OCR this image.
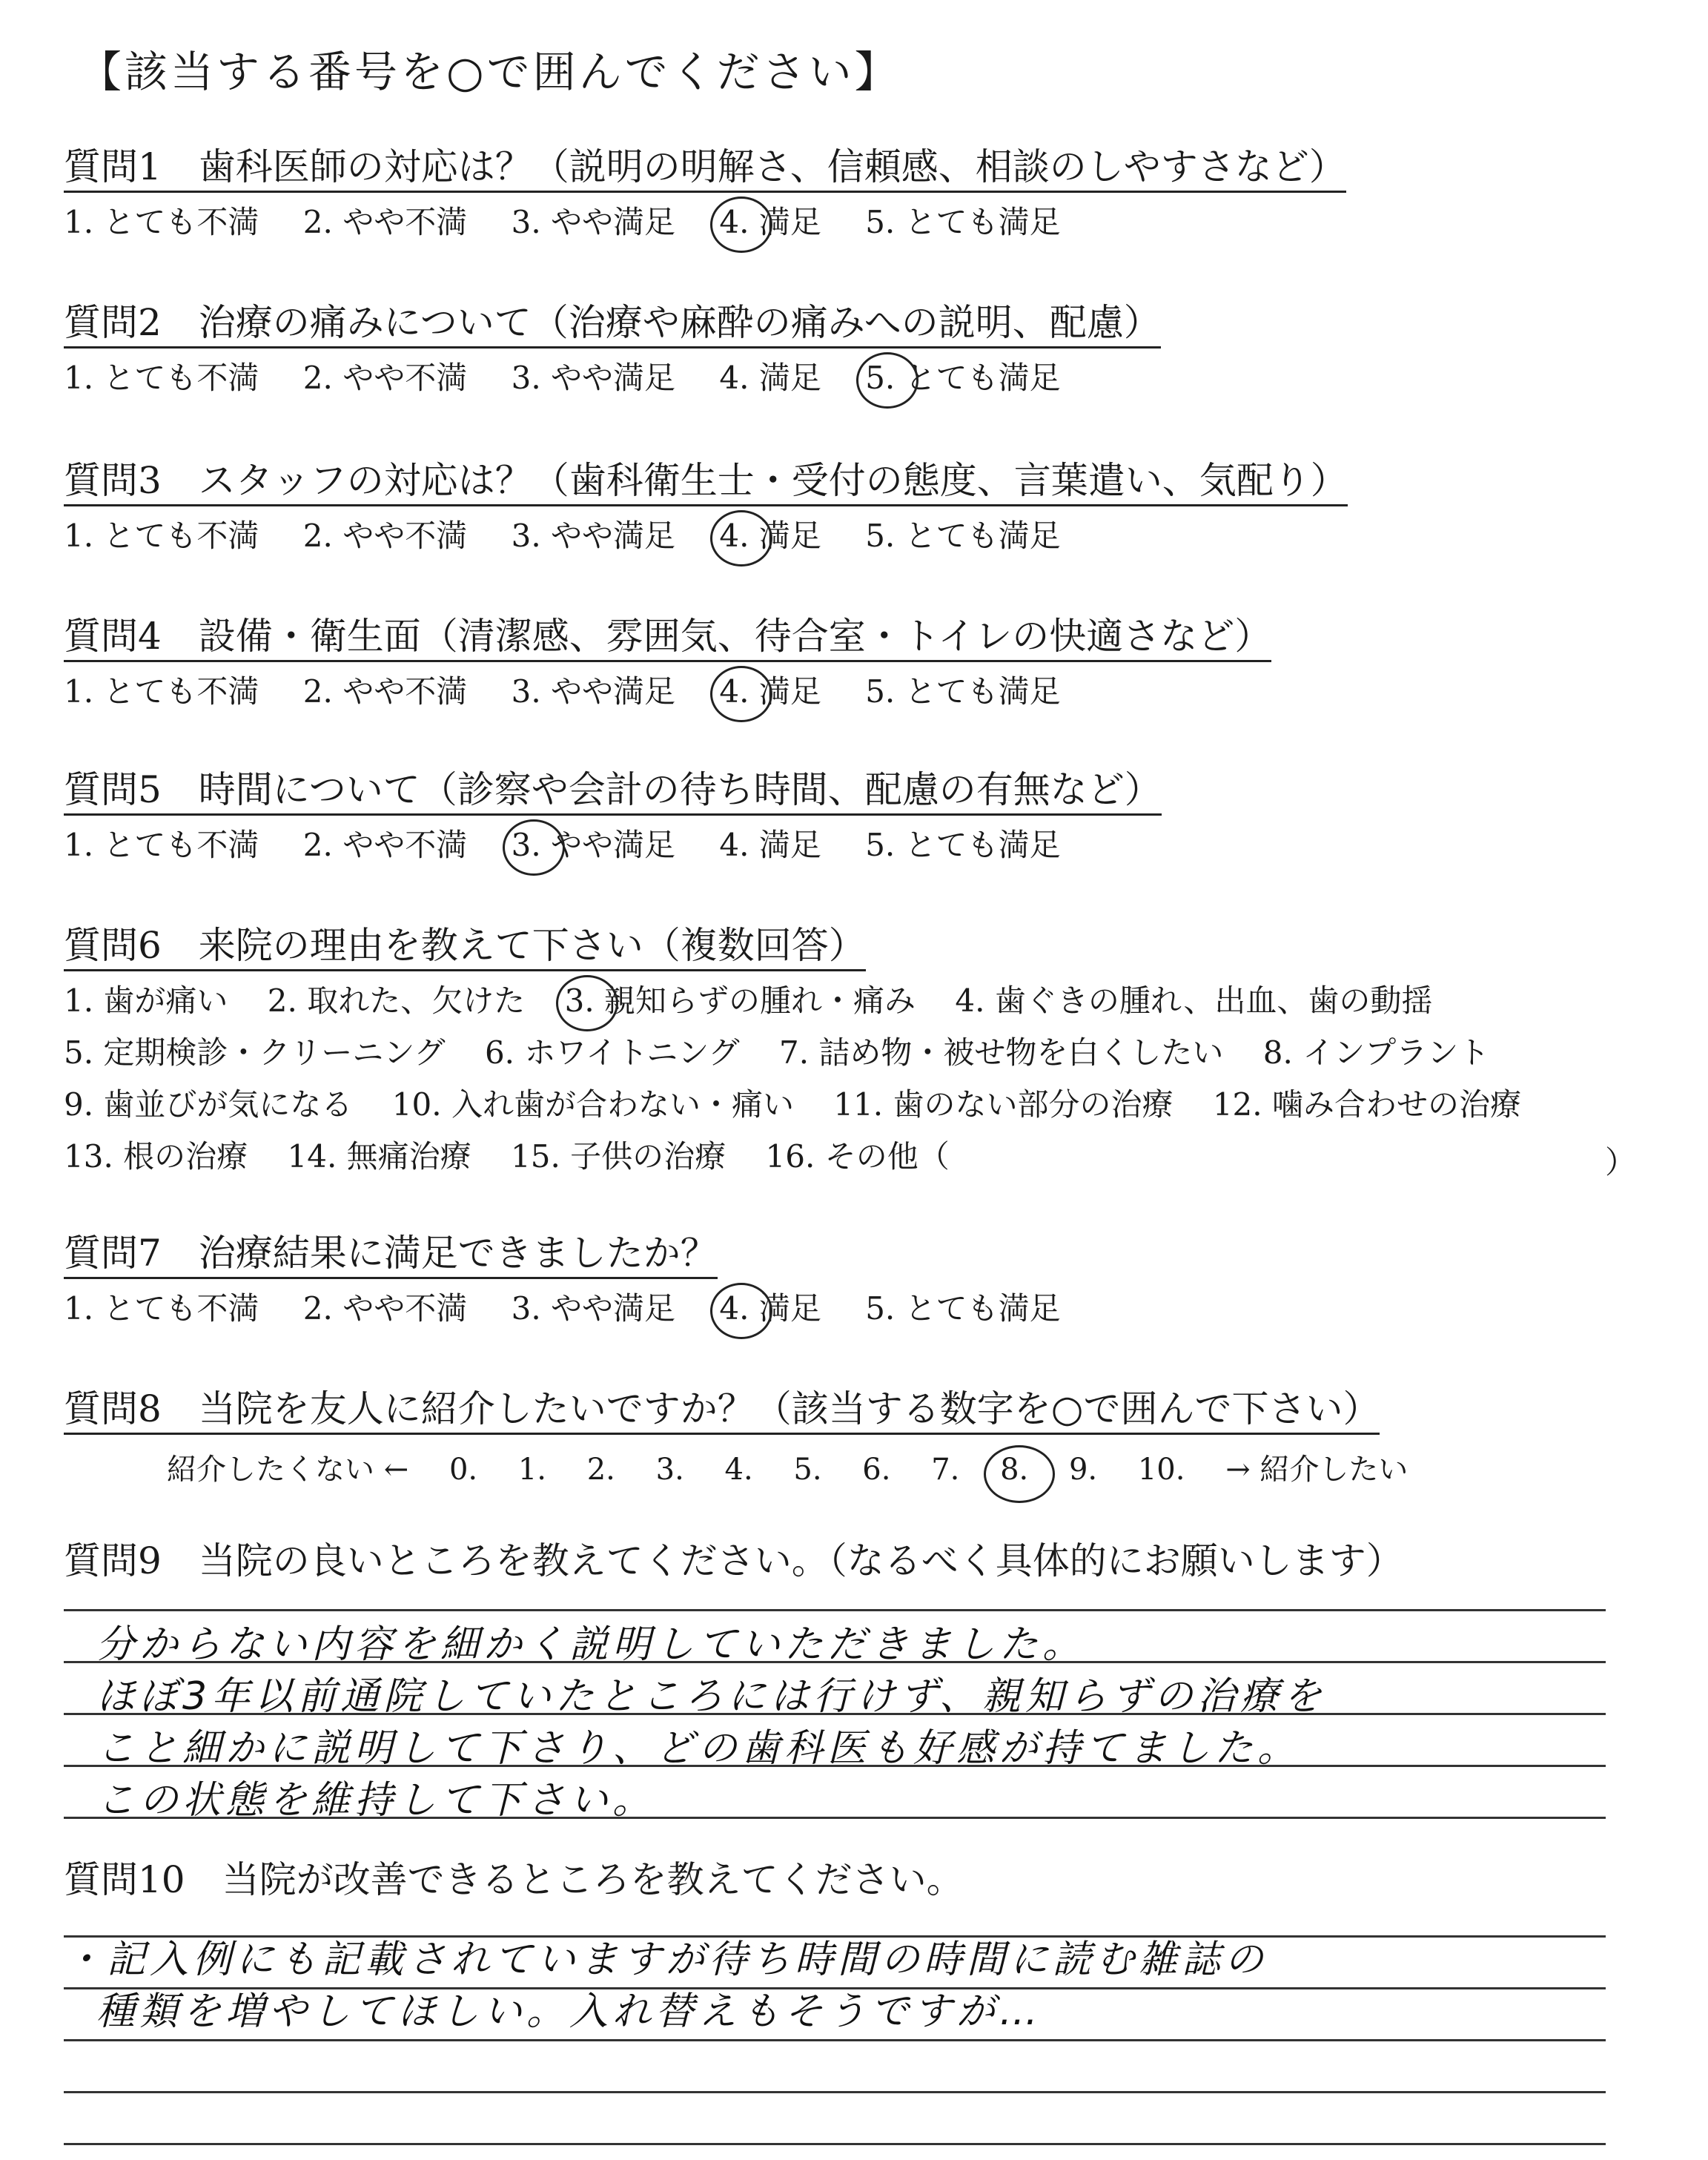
【該当する番号を○で囲んでください】
質問1　歯科医師の対応は？（説明の明解さ、信頼感、相談のしやすさなど）
1. とても不満 2. やや不満 3. やや満足 4. 満足 5. とても満足
質問2　治療の痛みについて（治療や麻酔の痛みへの説明、配慮）
1. とても不満 2. やや不満 3. やや満足 4. 満足 5. とても満足
質問3　スタッフの対応は？（歯科衛生士・受付の態度、言葉遣い、気配り）
1. とても不満 2. やや不満 3. やや満足 4. 満足 5. とても満足
質問4　設備・衛生面（清潔感、雰囲気、待合室・トイレの快適さなど）
1. とても不満 2. やや不満 3. やや満足 4. 満足 5. とても満足
質問5　時間について（診察や会計の待ち時間、配慮の有無など）
1. とても不満 2. やや不満 3. やや満足 4. 満足 5. とても満足
質問6　来院の理由を教えて下さい（複数回答）
1. 歯が痛い 2. 取れた、欠けた 3. 親知らずの腫れ・痛み 4. 歯ぐきの腫れ、出血、歯の動揺
5. 定期検診・クリーニング 6. ホワイトニング 7. 詰め物・被せ物を白くしたい 8. インプラント
9. 歯並びが気になる 10. 入れ歯が合わない・痛い 11. 歯のない部分の治療 12. 噛み合わせの治療
13. 根の治療 14. 無痛治療 15. 子供の治療 16. その他（	）
質問7　治療結果に満足できましたか？
1. とても不満 2. やや不満 3. やや満足 4. 満足 5. とても満足
質問8　当院を友人に紹介したいですか？（該当する数字を○で囲んで下さい）
紹介したくない ← 0. 1. 2. 3. 4. 5. 6. 7. 8. 9. 10. → 紹介したい
質問9　当院の良いところを教えてください。（なるべく具体的にお願いします）
分からない内容を細かく説明していただきました。
ほぼ3年以前通院していたところには行けず、親知らずの治療を
こと細かに説明して下さり、どの歯科医も好感が持てました。
この状態を維持して下さい。
質問10　当院が改善できるところを教えてください。
・記入例にも記載されていますが待ち時間の時間に読む雑誌の
種類を増やしてほしい。入れ替えもそうですが…
